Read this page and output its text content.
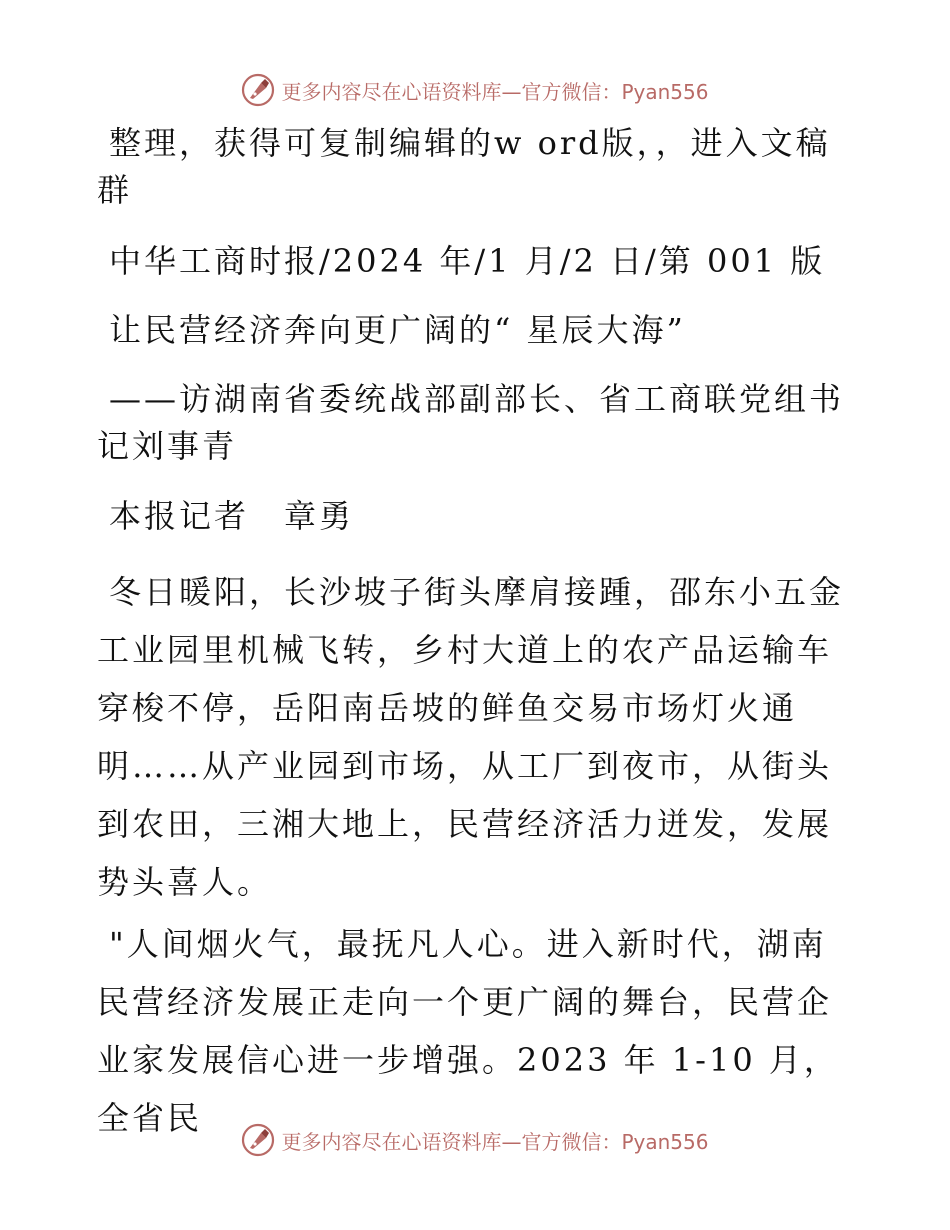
更多内容尽在心语资料库—官方微信：Pyan556

整理，获得可复制编辑的w ord版，，进入文稿群

中华工商时报/2024 年/1 月/2 日/第 001 版

让民营经济奔向更广阔的“ 星辰大海”

——访湖南省委统战部副部长、省工商联党组书记刘事青

本报记者　章勇

冬日暖阳，长沙坡子街头摩肩接踵，邵东小五金工业园里机械飞转，乡村大道上的农产品运输车穿梭不停，岳阳南岳坡的鲜鱼交易市场灯火通明……从产业园到市场，从工厂到夜市，从街头到农田，三湘大地上，民营经济活力迸发，发展势头喜人。

"人间烟火气，最抚凡人心。进入新时代，湖南民营经济发展正走向一个更广阔的舞台，民营企业家发展信心进一步增强。2023 年 1-10 月，全省民

更多内容尽在心语资料库—官方微信：Pyan556
